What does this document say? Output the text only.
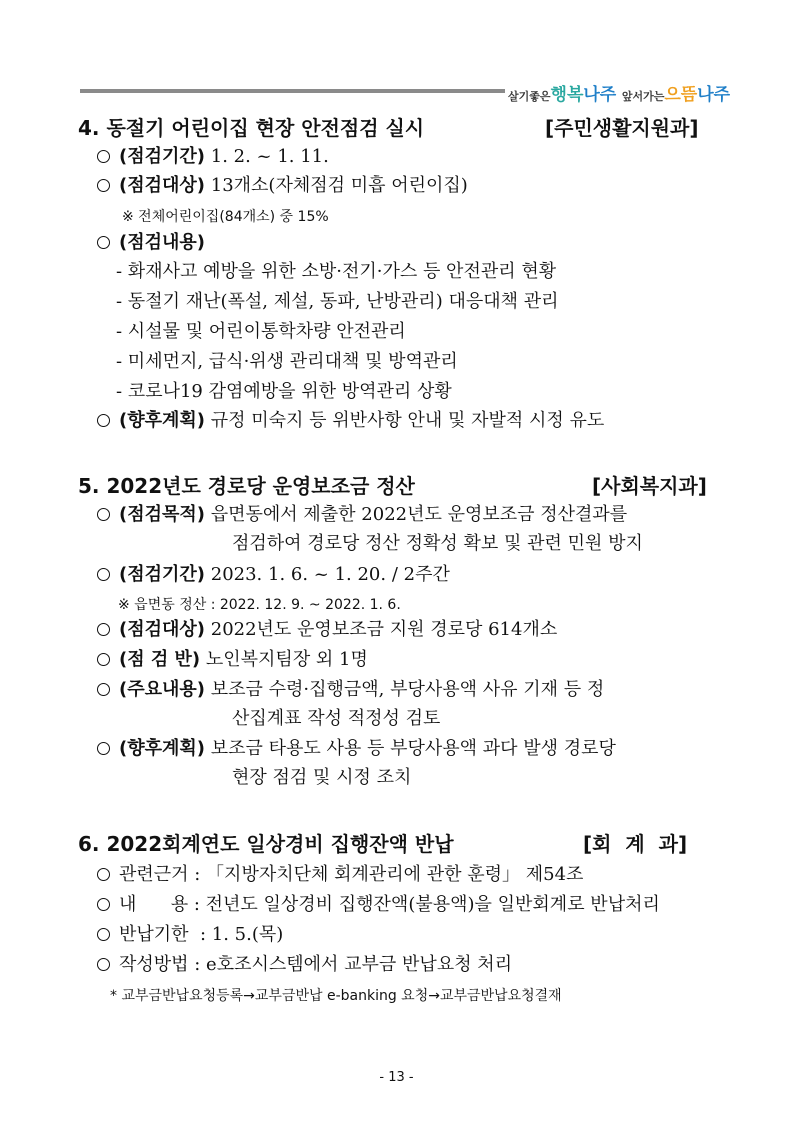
살기좋은행복나주 앞서가는으뜸나주
4. 동절기 어린이집 현장 안전점검 실시	[주민생활지원과]
(점검기간) 1. 2. ~ 1. 11.
(점검대상) 13개소(자체점검 미흡 어린이집)
※ 전체어린이집(84개소) 중 15%
(점검내용)
- 화재사고 예방을 위한 소방·전기·가스 등 안전관리 현황
- 동절기 재난(폭설, 제설, 동파, 난방관리) 대응대책 관리
- 시설물 및 어린이통학차량 안전관리
- 미세먼지, 급식·위생 관리대책 및 방역관리
- 코로나19 감염예방을 위한 방역관리 상황
(향후계획) 규정 미숙지 등 위반사항 안내 및 자발적 시정 유도
5. 2022년도 경로당 운영보조금 정산	[사회복지과]
(점검목적) 읍면동에서 제출한 2022년도 운영보조금 정산결과를
점검하여 경로당 정산 정확성 확보 및 관련 민원 방지
(점검기간) 2023. 1. 6. ~ 1. 20. / 2주간
※ 읍면동 정산 : 2022. 12. 9. ~ 2022. 1. 6.
(점검대상) 2022년도 운영보조금 지원 경로당 614개소
(점 검 반) 노인복지팀장 외 1명
(주요내용) 보조금 수령·집행금액, 부당사용액 사유 기재 등 정
산집계표 작성 적정성 검토
(향후계획) 보조금 타용도 사용 등 부당사용액 과다 발생 경로당
현장 점검 및 시정 조치
6. 2022회계연도 일상경비 집행잔액 반납	[회  계  과]
관련근거 : 「지방자치단체 회계관리에 관한 훈령」 제54조
내      용 : 전년도 일상경비 집행잔액(불용액)을 일반회계로 반납처리
반납기한  : 1. 5.(목)
작성방법 : e호조시스템에서 교부금 반납요청 처리
* 교부금반납요청등록→교부금반납 e-banking 요청→교부금반납요청결재
- 13 -
